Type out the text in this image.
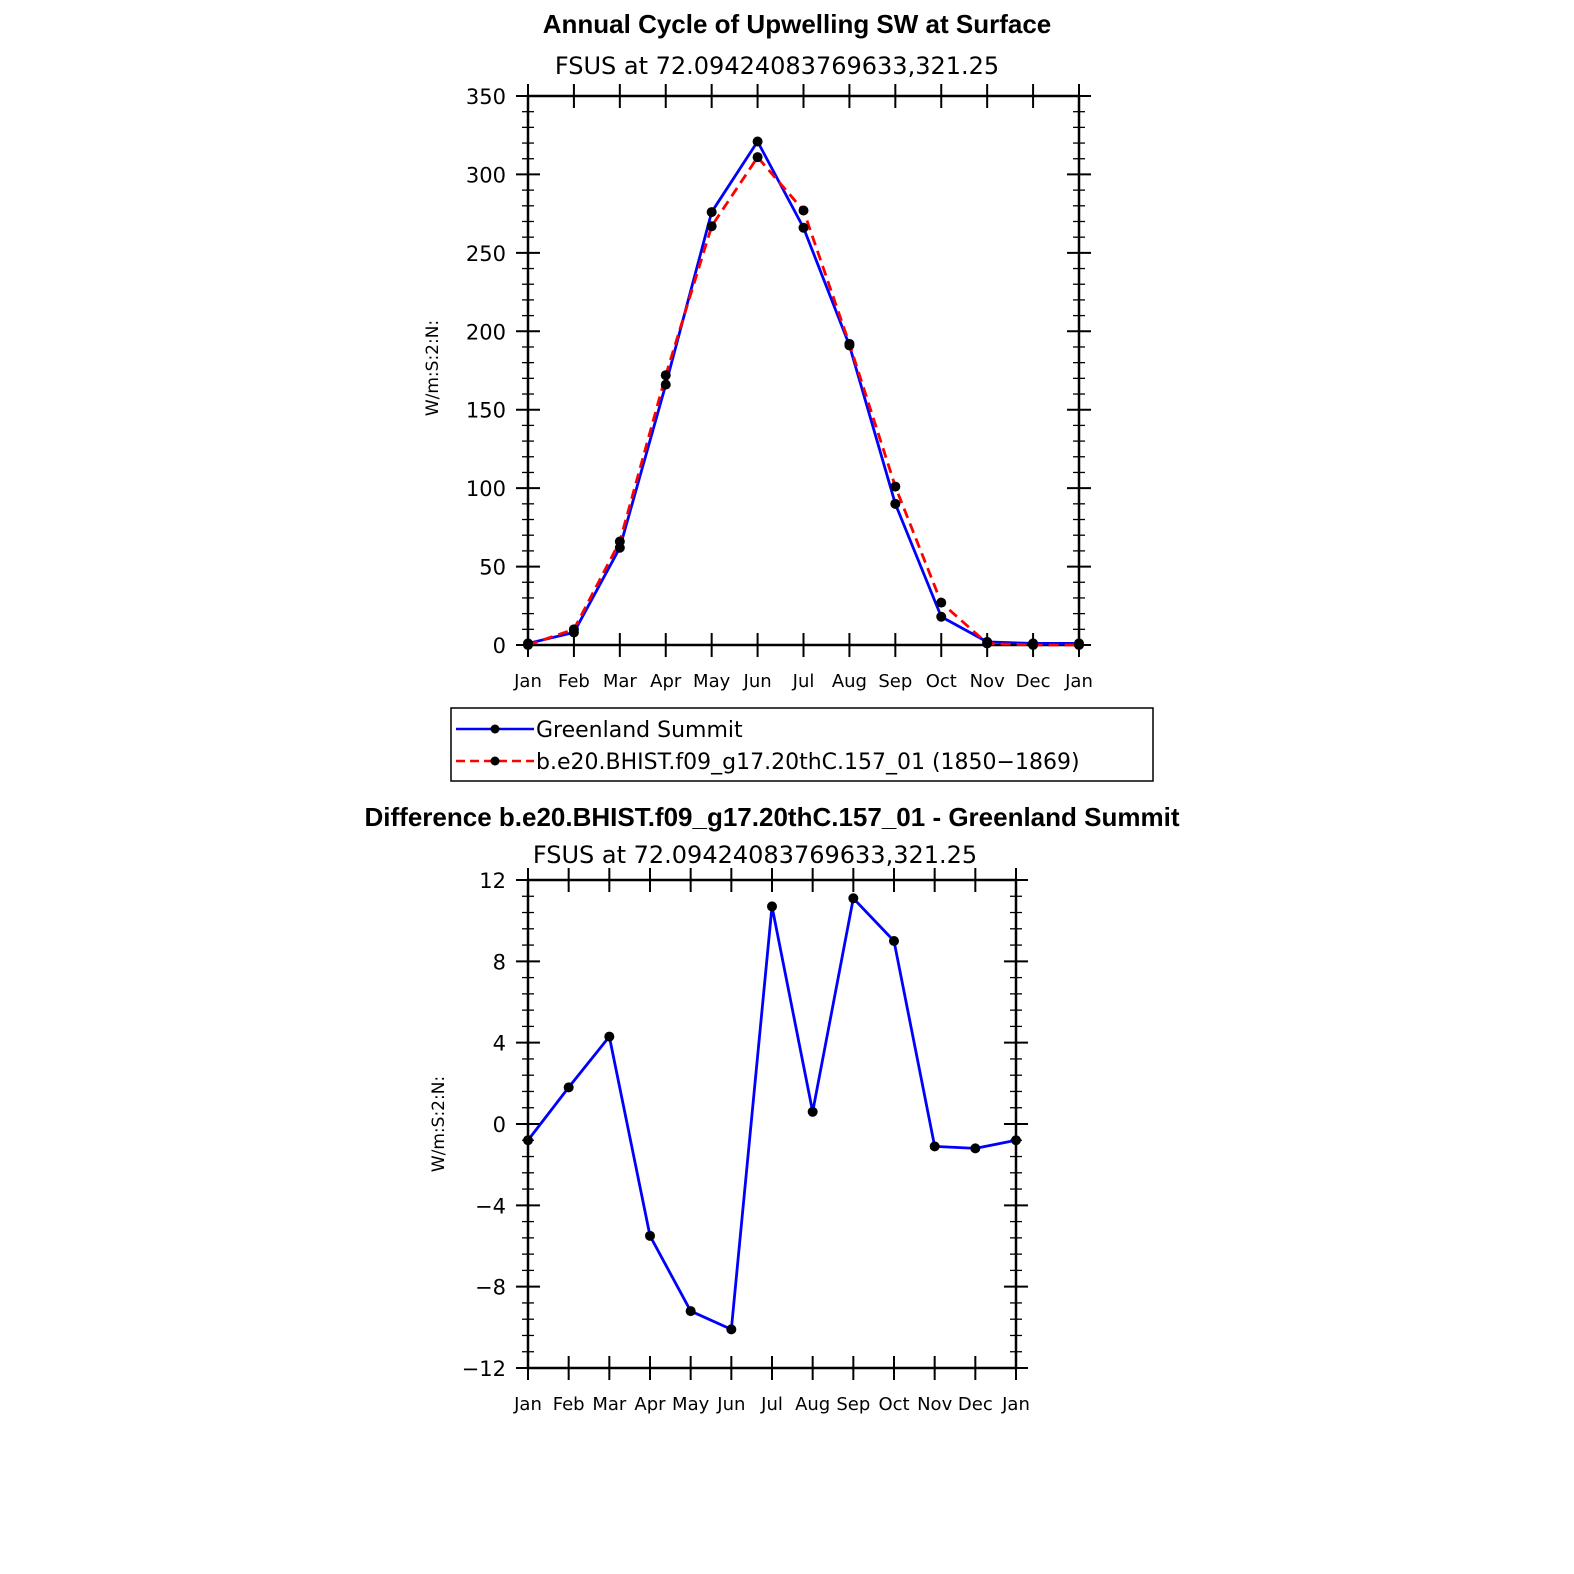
Annual Cycle of Upwelling SW at Surface
FSUS at 72.09424083769633,321.25
W/m:S:2:N:
0
50
100
150
200
250
300
350
Jan Feb Mar Apr May Jun Jul Aug Sep Oct Nov Dec Jan
Greenland Summit
b.e20.BHIST.f09_g17.20thC.157_01 (1850−1869)
Difference b.e20.BHIST.f09_g17.20thC.157_01 - Greenland Summit
FSUS at 72.09424083769633,321.25
W/m:S:2:N:
−12
−8
−4
0
4
8
12
Jan Feb Mar Apr May Jun Jul Aug Sep Oct Nov Dec Jan
